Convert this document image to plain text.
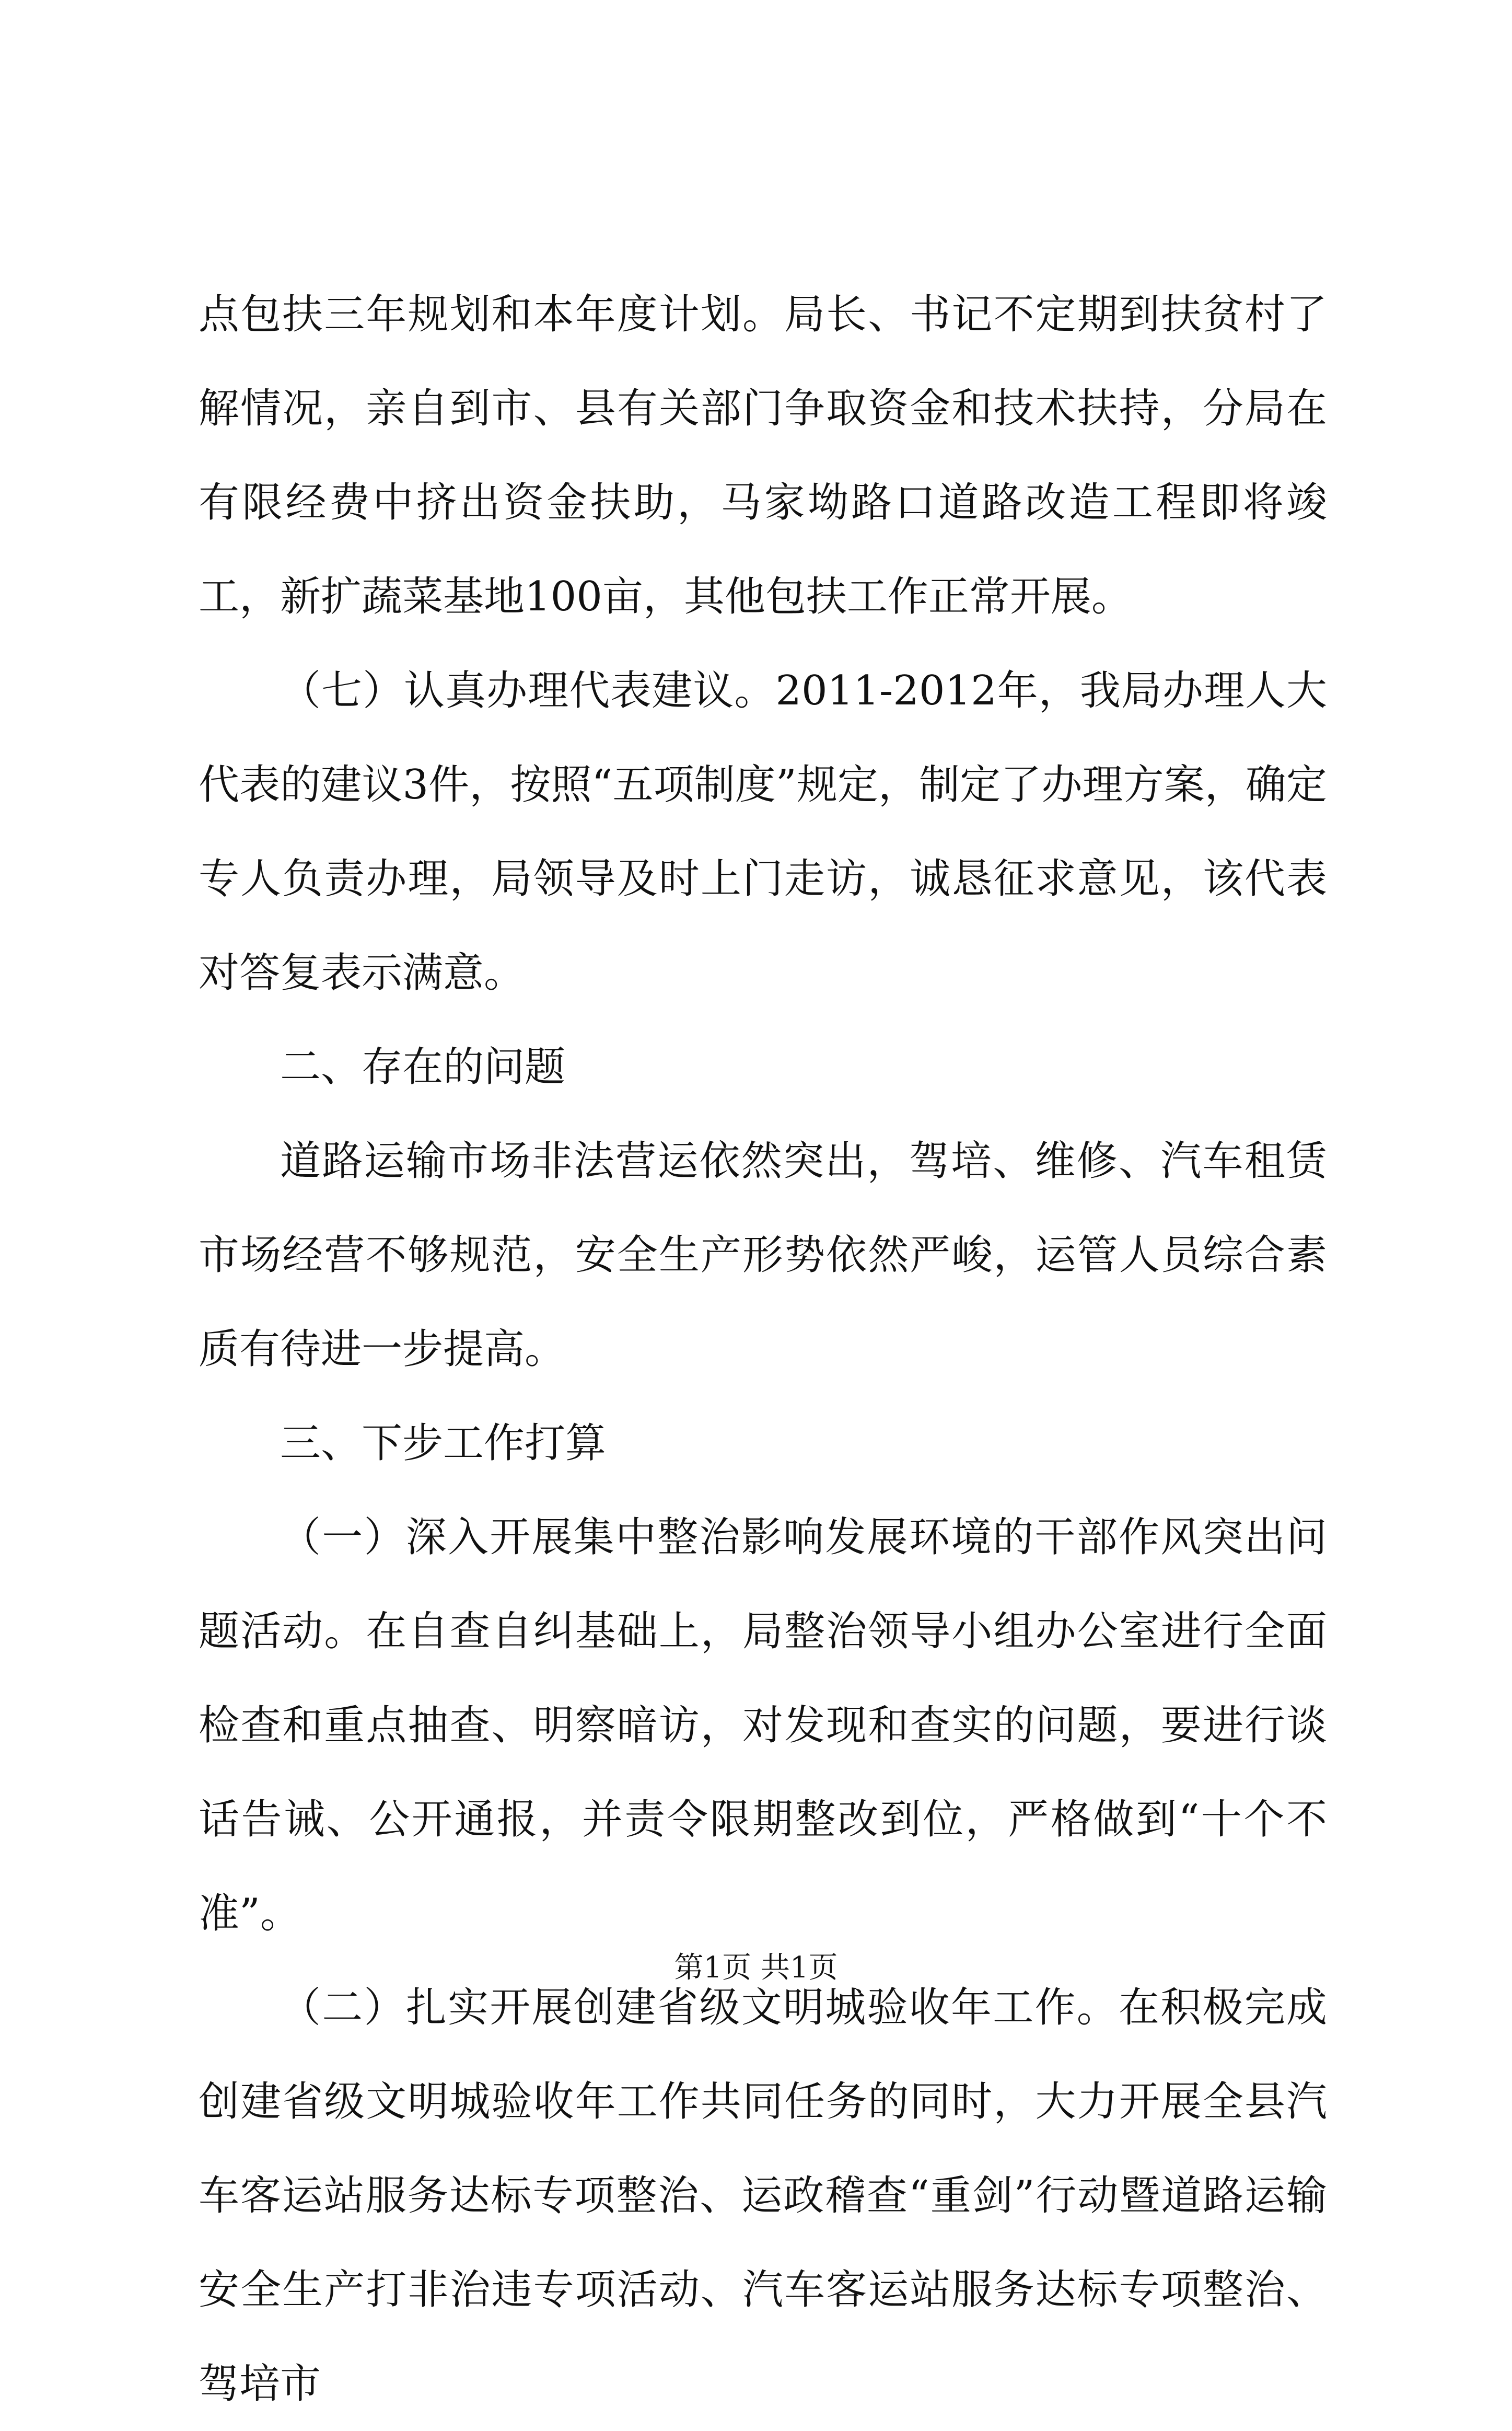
点包扶三年规划和本年度计划。局长、书记不定期到扶贫村了解情况，亲自到市、县有关部门争取资金和技术扶持，分局在有限经费中挤出资金扶助，马家坳路口道路改造工程即将竣工，新扩蔬菜基地100亩，其他包扶工作正常开展。

（七）认真办理代表建议。2011-2012年，我局办理人大代表的建议3件，按照“五项制度”规定，制定了办理方案，确定专人负责办理，局领导及时上门走访，诚恳征求意见，该代表对答复表示满意。

二、存在的问题

道路运输市场非法营运依然突出，驾培、维修、汽车租赁市场经营不够规范，安全生产形势依然严峻，运管人员综合素质有待进一步提高。

三、下步工作打算

（一）深入开展集中整治影响发展环境的干部作风突出问题活动。在自查自纠基础上，局整治领导小组办公室进行全面检查和重点抽查、明察暗访，对发现和查实的问题，要进行谈话告诫、公开通报，并责令限期整改到位，严格做到“十个不准”。

（二）扎实开展创建省级文明城验收年工作。在积极完成创建省级文明城验收年工作共同任务的同时，大力开展全县汽车客运站服务达标专项整治、运政稽查“重剑”行动暨道路运输安全生产打非治违专项活动、汽车客运站服务达标专项整治、驾培市

第1页 共1页
